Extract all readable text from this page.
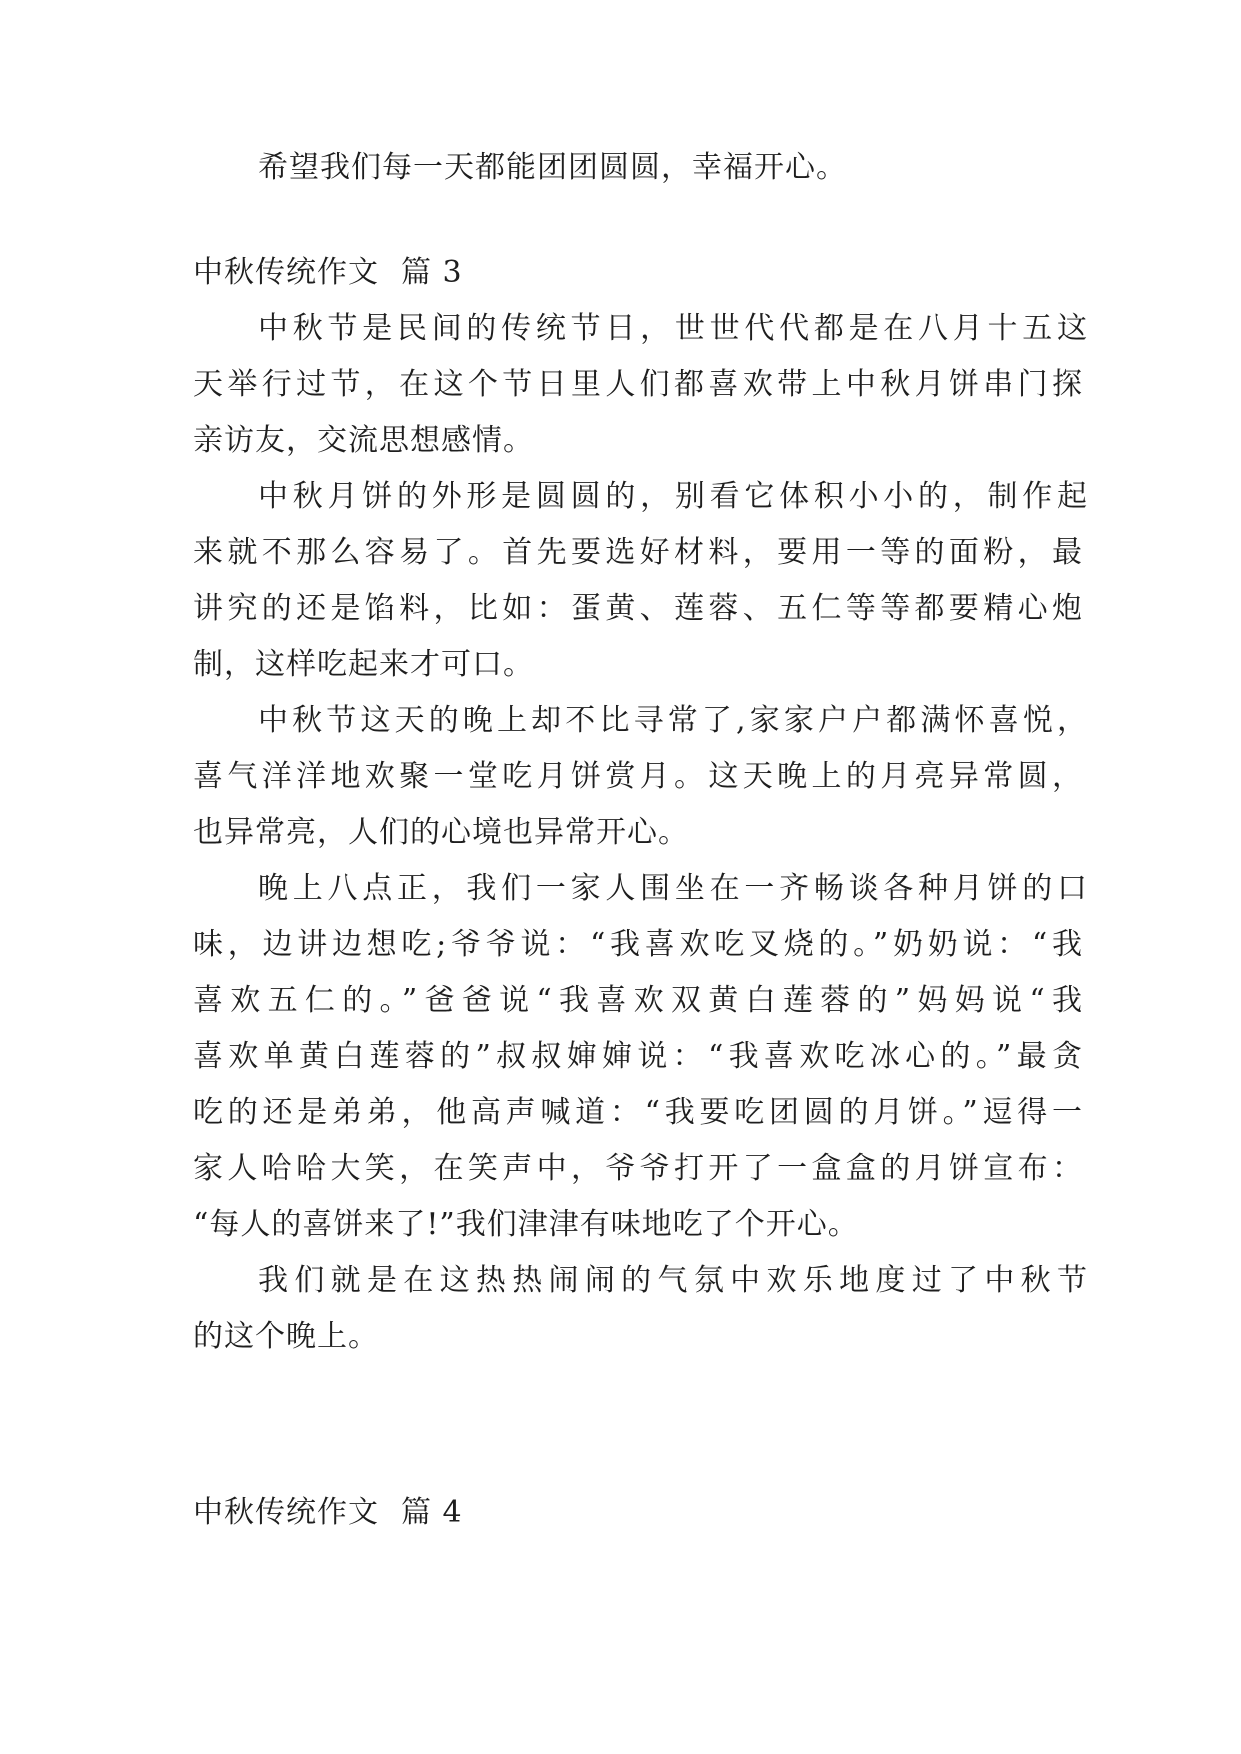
希望我们每一天都能团团圆圆，幸福开心。
中秋传统作文 篇 3
中秋节是民间的传统节日，世世代代都是在八月十五这
天举行过节，在这个节日里人们都喜欢带上中秋月饼串门探
亲访友，交流思想感情。
中秋月饼的外形是圆圆的，别看它体积小小的，制作起
来就不那么容易了。首先要选好材料，要用一等的面粉，最
讲究的还是馅料，比如：蛋黄、莲蓉、五仁等等都要精心炮
制，这样吃起来才可口。
中秋节这天的晚上却不比寻常了,家家户户都满怀喜悦，
喜气洋洋地欢聚一堂吃月饼赏月。这天晚上的月亮异常圆，
也异常亮，人们的心境也异常开心。
晚上八点正，我们一家人围坐在一齐畅谈各种月饼的口
味，边讲边想吃;爷爷说：“我喜欢吃叉烧的。”奶奶说：“我
喜欢五仁的。”爸爸说“我喜欢双黄白莲蓉的”妈妈说“我
喜欢单黄白莲蓉的”叔叔婶婶说：“我喜欢吃冰心的。”最贪
吃的还是弟弟，他高声喊道：“我要吃团圆的月饼。”逗得一
家人哈哈大笑，在笑声中，爷爷打开了一盒盒的月饼宣布：
“每人的喜饼来了!”我们津津有味地吃了个开心。
我们就是在这热热闹闹的气氛中欢乐地度过了中秋节
的这个晚上。
中秋传统作文 篇 4
